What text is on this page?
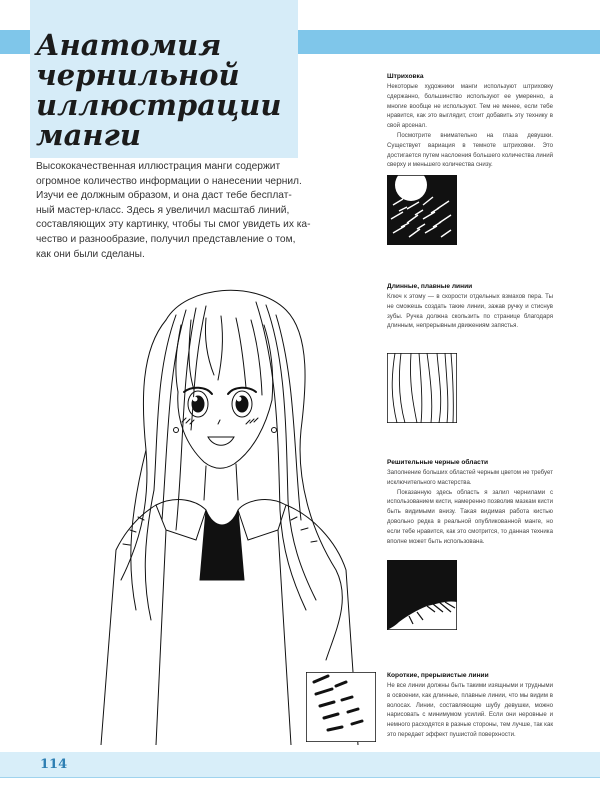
Анатомия
чернильной
иллюстрации
манги
Высококачественная иллюстрация манги содержит
огромное количество информации о нанесении чернил.
Изучи ее должным образом, и она даст тебе бесплат-
ный мастер-класс. Здесь я увеличил масштаб линий,
составляющих эту картинку, чтобы ты смог увидеть их ка-
чество и разнообразие, получил представление о том,
как они были сделаны.
Штриховка

Некоторые художники манги используют штриховку сдержанно, большинство используют ее умеренно, а многие вообще не используют. Тем не менее, если тебе нравится, как это выглядит, стоит добавить эту технику в свой арсенал.

Посмотрите внимательно на глаза девушки. Существует вариация в темноте штриховки. Это достигается путем наслоения большего количества линий сверху и меньшего количества снизу.

Длинные, плавные линии

Ключ к этому — в скорости отдельных взмахов пера. Ты не сможешь создать такие линии, зажав ручку и стиснув зубы. Ручка должна скользить по странице благодаря длинным, непрерывным движениям запястья.

Решительные черные области

Заполнение больших областей черным цветом не требует исключительного мастерства.

Показанную здесь область я залил чернилами с использованием кисти, намеренно позволив мазкам кисти быть видимыми внизу. Такая видимая работа кистью довольно редка в реальной опубликованной манге, но если тебе нравится, как это смотрится, то данная техника вполне может быть использована.

Короткие, прерывистые линии

Не все линии должны быть такими изящными и трудными в освоении, как длинные, плавные линии, что мы видим в волосах. Линии, составляющие шубу девушки, можно нарисовать с минимумом усилий. Если они неровные и немного расходятся в разные стороны, тем лучше, так как это передает эффект пушистой поверхности.

114
